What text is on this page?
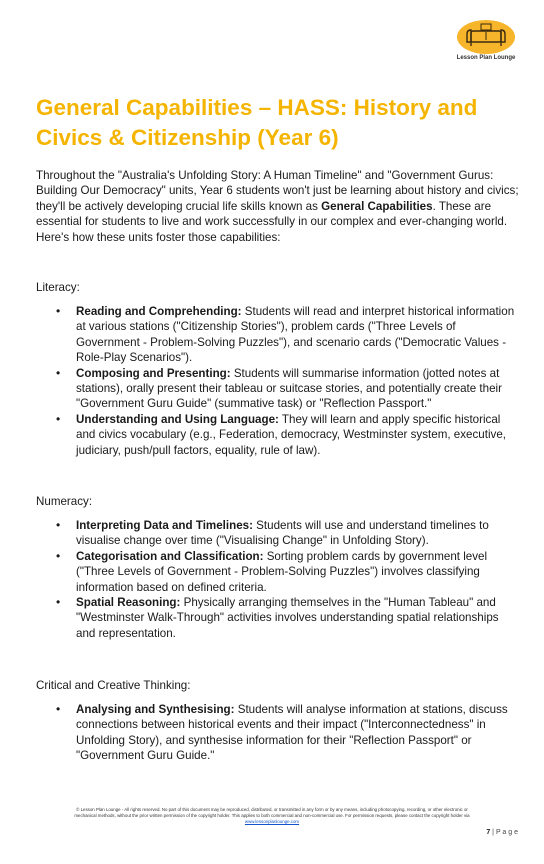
Lesson Plan Lounge
General Capabilities – HASS: History and Civics & Citizenship (Year 6)

Throughout the "Australia's Unfolding Story: A Human Timeline" and "Government Gurus: Building Our Democracy" units, Year 6 students won't just be learning about history and civics; they'll be actively developing crucial life skills known as General Capabilities. These are essential for students to live and work successfully in our complex and ever-changing world. Here's how these units foster those capabilities:

Literacy:

• Reading and Comprehending: Students will read and interpret historical information at various stations ("Citizenship Stories"), problem cards ("Three Levels of Government - Problem-Solving Puzzles"), and scenario cards ("Democratic Values - Role-Play Scenarios").
• Composing and Presenting: Students will summarise information (jotted notes at stations), orally present their tableau or suitcase stories, and potentially create their "Government Guru Guide" (summative task) or "Reflection Passport."
• Understanding and Using Language: They will learn and apply specific historical and civics vocabulary (e.g., Federation, democracy, Westminster system, executive, judiciary, push/pull factors, equality, rule of law).

Numeracy:

• Interpreting Data and Timelines: Students will use and understand timelines to visualise change over time ("Visualising Change" in Unfolding Story).
• Categorisation and Classification: Sorting problem cards by government level ("Three Levels of Government - Problem-Solving Puzzles") involves classifying information based on defined criteria.
• Spatial Reasoning: Physically arranging themselves in the "Human Tableau" and "Westminster Walk-Through" activities involves understanding spatial relationships and representation.

Critical and Creative Thinking:

• Analysing and Synthesising: Students will analyse information at stations, discuss connections between historical events and their impact ("Interconnectedness" in Unfolding Story), and synthesise information for their "Reflection Passport" or "Government Guru Guide."
© Lesson Plan Lounge - All rights reserved. No part of this document may be reproduced, distributed, or transmitted in any form or by any means, including photocopying, recording, or other electronic or
mechanical methods, without the prior written permission of the copyright holder. This applies to both commercial and non-commercial use. For permission requests, please contact the copyright holder via
www.lessonplanlounge.com
7 | P a g e
